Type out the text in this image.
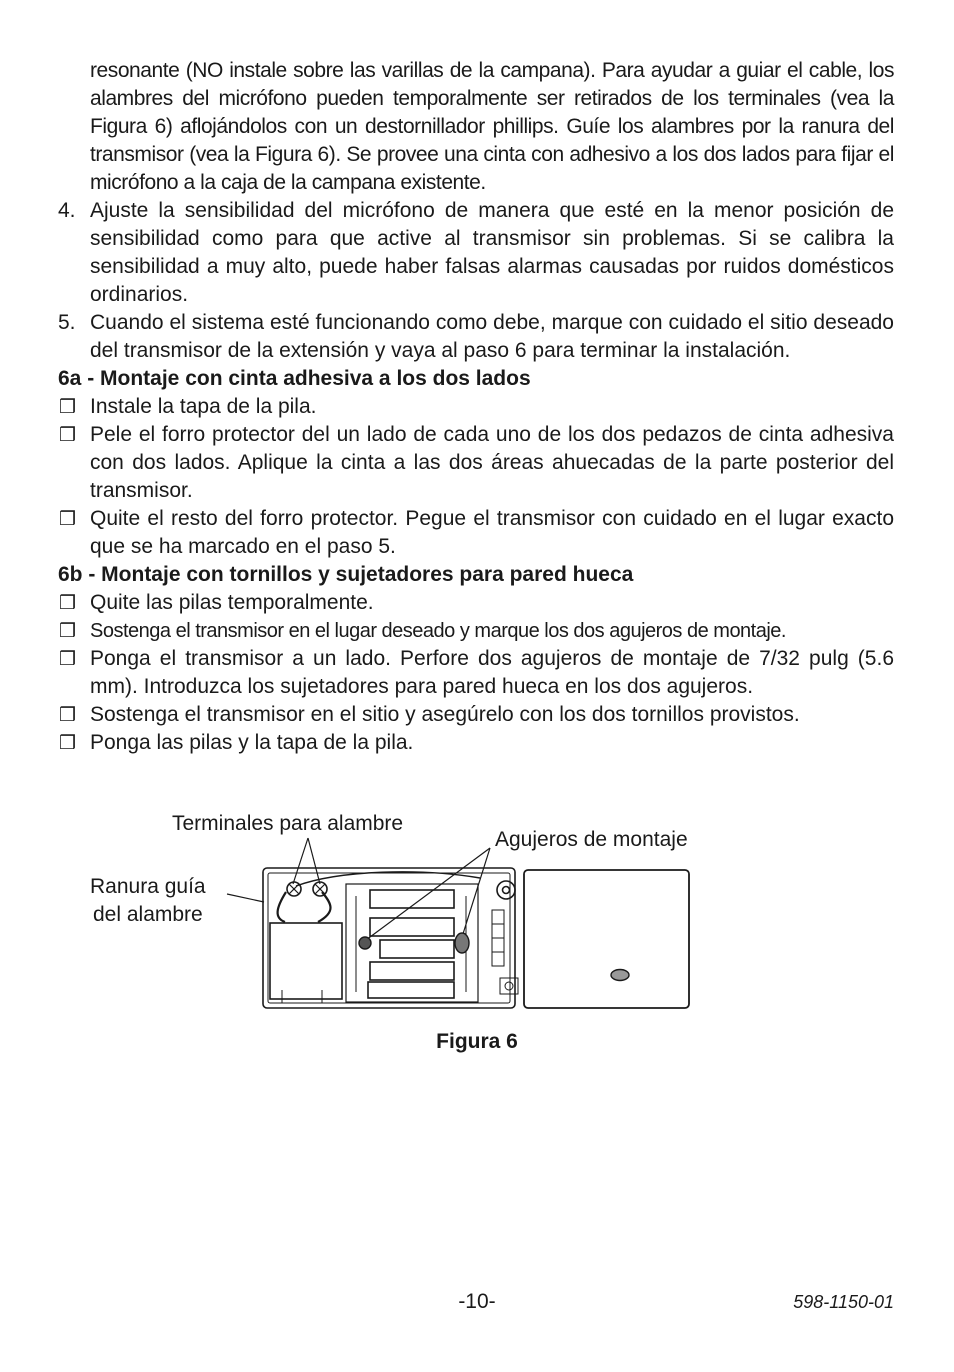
resonante (NO instale sobre las varillas de la campana). Para ayudar a guiar el cable, los alambres del micrófono pueden temporalmente ser retirados de los terminales (vea la Figura 6) aflojándolos con un destornillador phillips. Guíe los alambres por la ranura del transmisor (vea la Figura 6). Se provee una cinta con adhesivo a los dos lados para fijar el micrófono a la caja de la campana existente.

4. Ajuste la sensibilidad del micrófono de manera que esté en la menor posición de sensibilidad como para que active al transmisor sin problemas. Si se calibra la sensibilidad a muy alto, puede haber falsas alarmas causadas por ruidos domésticos ordinarios.
5. Cuando el sistema esté funcionando como debe, marque con cuidado el sitio deseado del transmisor de la extensión y vaya al paso 6 para terminar la instalación.

6a - Montaje con cinta adhesiva a los dos lados

❒ Instale la tapa de la pila.
❒ Pele el forro protector del un lado de cada uno de los dos pedazos de cinta adhesiva con dos lados. Aplique la cinta a las dos áreas ahuecadas de la parte posterior del transmisor.
❒ Quite el resto del forro protector. Pegue el transmisor con cuidado en el lugar exacto que se ha marcado en el paso 5.

6b - Montaje con tornillos y sujetadores para pared hueca

❒ Quite las pilas temporalmente.
❒ Sostenga el transmisor en el lugar deseado y marque los dos agujeros de montaje.
❒ Ponga el transmisor a un lado. Perfore dos agujeros de montaje de 7/32 pulg (5.6 mm). Introduzca los sujetadores para pared hueca en los dos agujeros.
❒ Sostenga el transmisor en el sitio y asegúrelo con los dos tornillos provistos.
❒ Ponga las pilas y la tapa de la pila.
Terminales para alambre
Agujeros de montaje
Ranura guía
del alambre
Figura 6
-10-	598-1150-01
